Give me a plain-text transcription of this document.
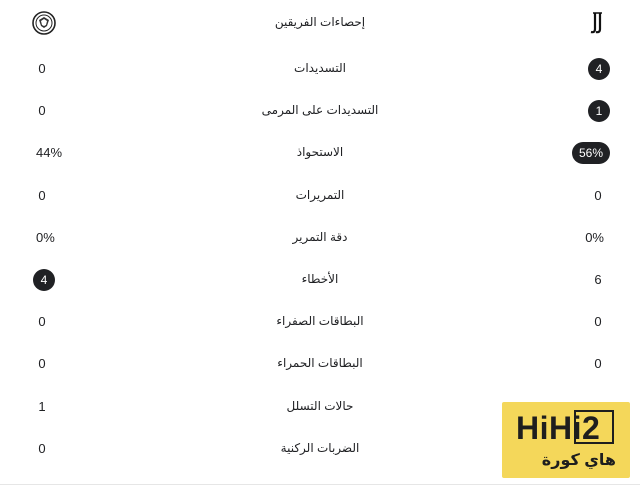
إحصاءات الفريقين
0	التسديدات	4
0	التسديدات على المرمى	1
44%	الاستحواذ	56%
0	التمريرات	0
0%	دقة التمرير	0%
4	الأخطاء	6
0	البطاقات الصفراء	0
0	البطاقات الحمراء	0
1	حالات التسلل
0	الضربات الركنية
HiHi2
هاي كورة
